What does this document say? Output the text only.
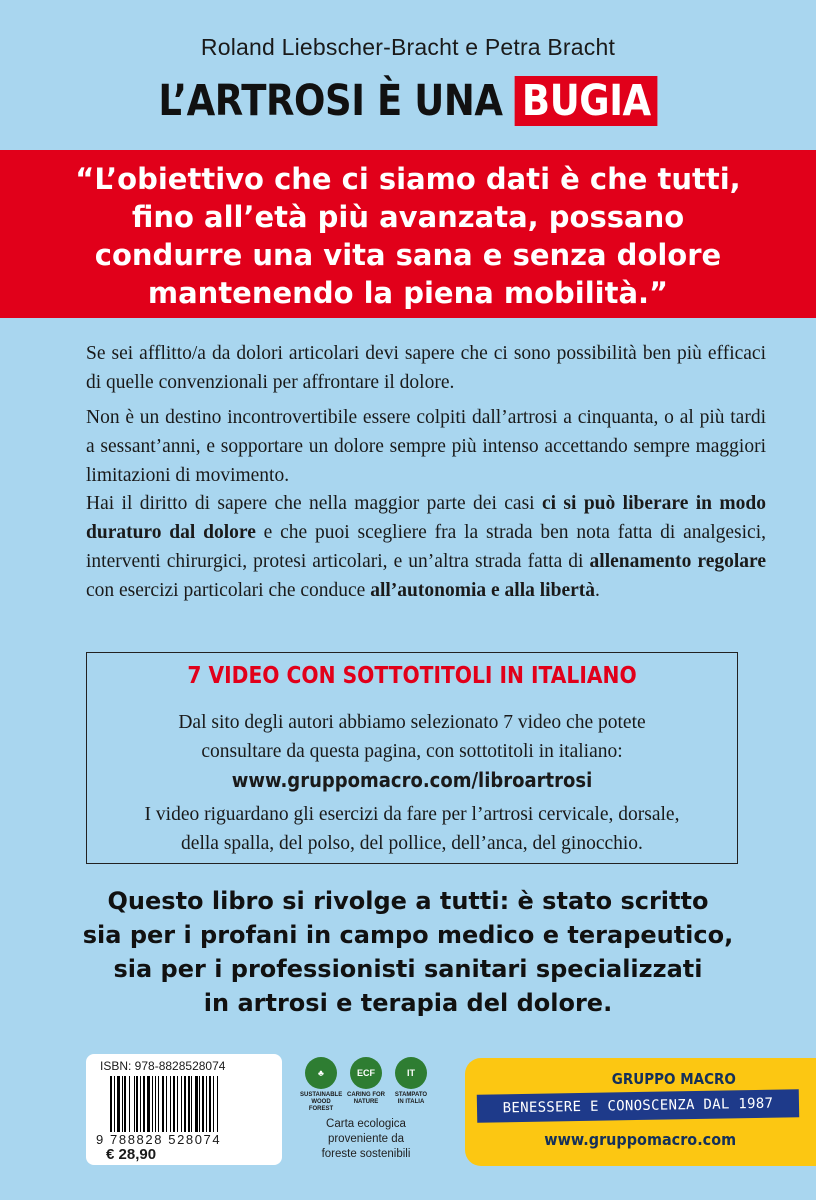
Roland Liebscher-Bracht e Petra Bracht
L’ARTROSI È UNA BUGIA
“L’obiettivo che ci siamo dati è che tutti,
fino all’età più avanzata, possano
condurre una vita sana e senza dolore
mantenendo la piena mobilità.”

Se sei afflitto/a da dolori articolari devi sapere che ci sono possibilità ben più efficaci di quelle convenzionali per affrontare il dolore.

Non è un destino incontrovertibile essere colpiti dall’artrosi a cinquanta, o al più tardi a sessant’anni, e sopportare un dolore sempre più intenso accettando sempre maggiori limitazioni di movimento.

Hai il diritto di sapere che nella maggior parte dei casi ci si può liberare in modo duraturo dal dolore e che puoi scegliere fra la strada ben nota fatta di analgesici, interventi chirurgici, protesi articolari, e un’altra strada fatta di allenamento regolare con esercizi particolari che conduce all’autonomia e alla libertà.

7 VIDEO CON SOTTOTITOLI IN ITALIANO
Dal sito degli autori abbiamo selezionato 7 video che potete
consultare da questa pagina, con sottotitoli in italiano:
www.gruppomacro.com/libroartrosi
I video riguardano gli esercizi da fare per l’artrosi cervicale, dorsale,
della spalla, del polso, del pollice, dell’anca, del ginocchio.
Questo libro si rivolge a tutti: è stato scritto
sia per i profani in campo medico e terapeutico,
sia per i professionisti sanitari specializzati
in artrosi e terapia del dolore.
ISBN: 978-8828528074
9 788828 528074
€ 28,90
♣
SUSTAINABLE
WOOD FOREST
ECF
CARING FOR
NATURE
IT
STAMPATO
IN ITALIA
Carta ecologica
proveniente da
foreste sostenibili
GRUPPO MACRO
BENESSERE E CONOSCENZA DAL 1987
www.gruppomacro.com
